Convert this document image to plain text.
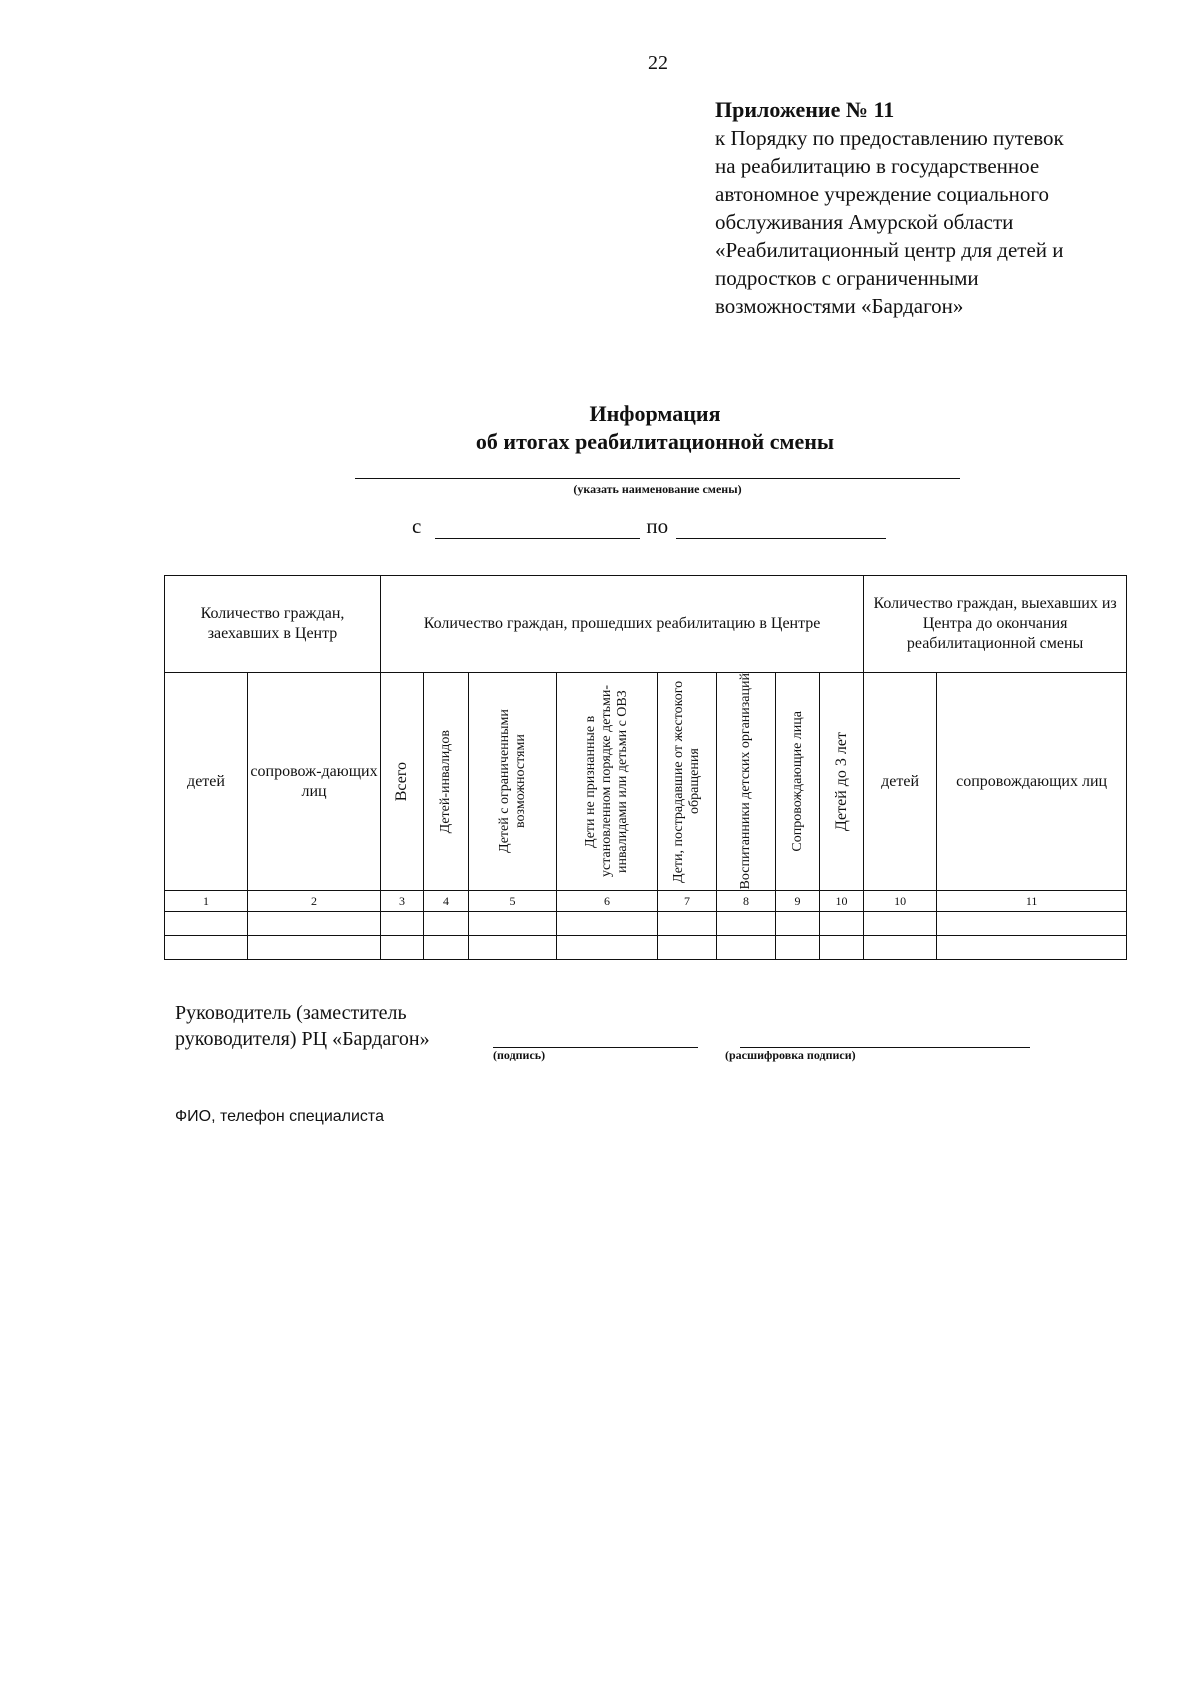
22
Приложение № 11
к Порядку по предоставлению путевок
на реабилитацию в государственное
автономное учреждение социального
обслуживания Амурской области
«Реабилитационный центр для детей и
подростков с ограниченными
возможностями «Бардагон»
Информация
об итогах реабилитационной смены
(указать наименование смены)
с	по
Количество граждан, заехавших в Центр		Количество граждан, прошедших реабилитацию в Центре								Количество граждан, выехавших из Центра до окончания реабилитационной смены	
детей	сопровож-дающих лиц	Всего	Детей-инвалидов	Детей с ограниченными возможностями	Дети не признанные в установленном порядке детьми-инвалидами или детьми с ОВЗ	Дети, пострадавшие от жестокого обращения	Воспитанники детских организаций	Сопровождающие лица	Детей до 3 лет	детей	сопровождающих лиц
1	2	3	4	5	6	7	8	9	10	10	11

Руководитель (заместитель
руководителя) РЦ «Бардагон»
(подпись)	(расшифровка подписи)
ФИО, телефон специалиста
